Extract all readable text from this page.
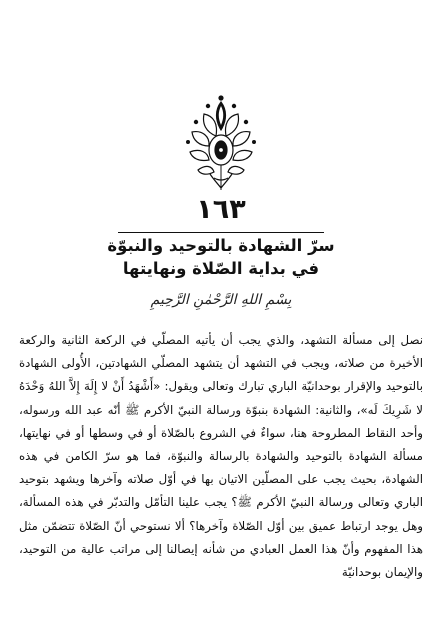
١٦٣
سرّ الشهادة بالتوحيد والنبوّة
في بداية الصّلاة ونهايتها
بِسْمِ اللهِ الرَّحْمٰنِ الرَّحِيمِ

نصل إلى مسألة التشهد، والذي يجب أن يأتيه المصلّي في الركعة الثانية والركعة الأخيرة من صلاته، ويجب في التشهد أن يتشهد المصلّي الشهادتين، الأُولى الشهادة بالتوحيد والإقرار بوحدانيّة الباري تبارك وتعالى ويقول: «أَشْهَدُ أَنْ لا إِلَهَ إِلاَّ اللهُ وَحْدَهُ لا شَرِيكَ لَه»، والثانية: الشهادة بنبوّة ورسالة النبيّ الأكرم ﷺ أنّه عبد الله ورسوله، وأحد النقاط المطروحة هنا، سواءٌ في الشروع بالصّلاة أو في وسطها أو في نهايتها، مسألة الشهادة بالتوحيد والشهادة بالرسالة والنبوّة، فما هو سرّ الكامن في هذه الشهادة، بحيث يجب على المصلّين الاتيان بها في أوّل صلاته وآخرها ويشهد بتوحيد الباري وتعالى ورسالة النبيّ الأكرم ﷺ؟ يجب علينا التأمّل والتدبّر في هذه المسألة، وهل يوجد ارتباط عميق بين أوّل الصّلاة وآخرها؟ ألا نستوحي أنّ الصّلاة تتضمّن مثل هذا المفهوم وأنّ هذا العمل العبادي من شأنه إيصالنا إلى مراتب عالية من التوحيد، والإيمان بوحدانيّة
